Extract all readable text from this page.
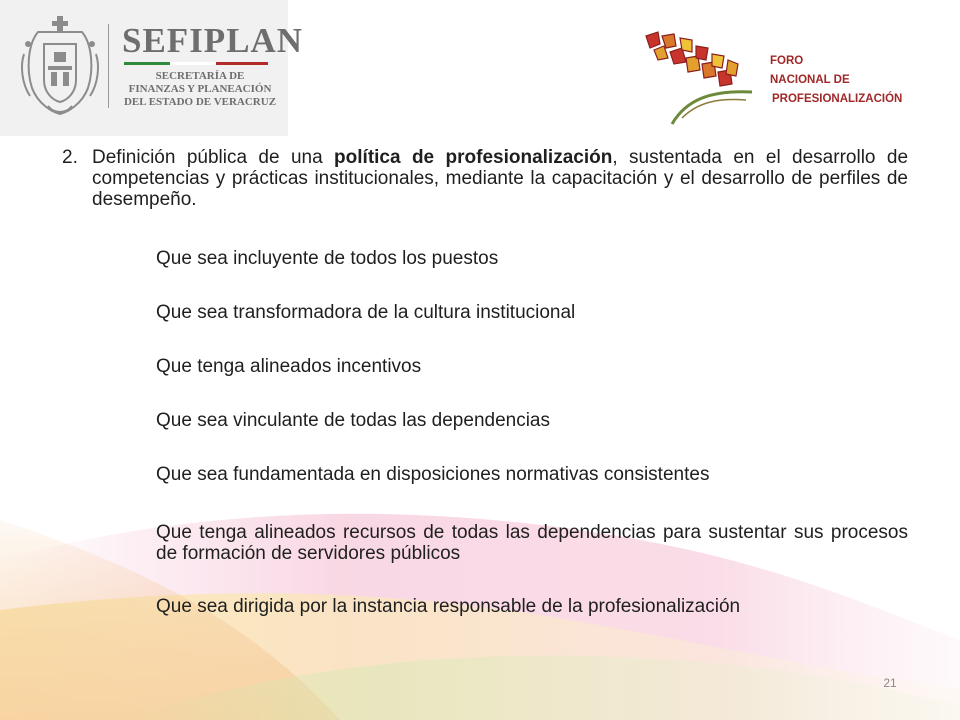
SEFIPLAN
SECRETARÍA DE
FINANZAS Y PLANEACIÓN
DEL ESTADO DE VERACRUZ
FORO
NACIONAL DE
PROFESIONALIZACIÓN
2. Definición pública de una política de profesionalización, sustentada en el desarrollo de competencias y prácticas institucionales, mediante la capacitación y el desarrollo de perfiles de desempeño.
Que sea incluyente de todos los puestos
Que sea transformadora de la cultura institucional
Que tenga alineados incentivos
Que sea vinculante de todas las dependencias
Que sea fundamentada en disposiciones normativas consistentes
Que tenga alineados recursos de todas las dependencias para sustentar sus procesos de formación de servidores públicos
Que sea dirigida por la instancia responsable de la profesionalización
21
